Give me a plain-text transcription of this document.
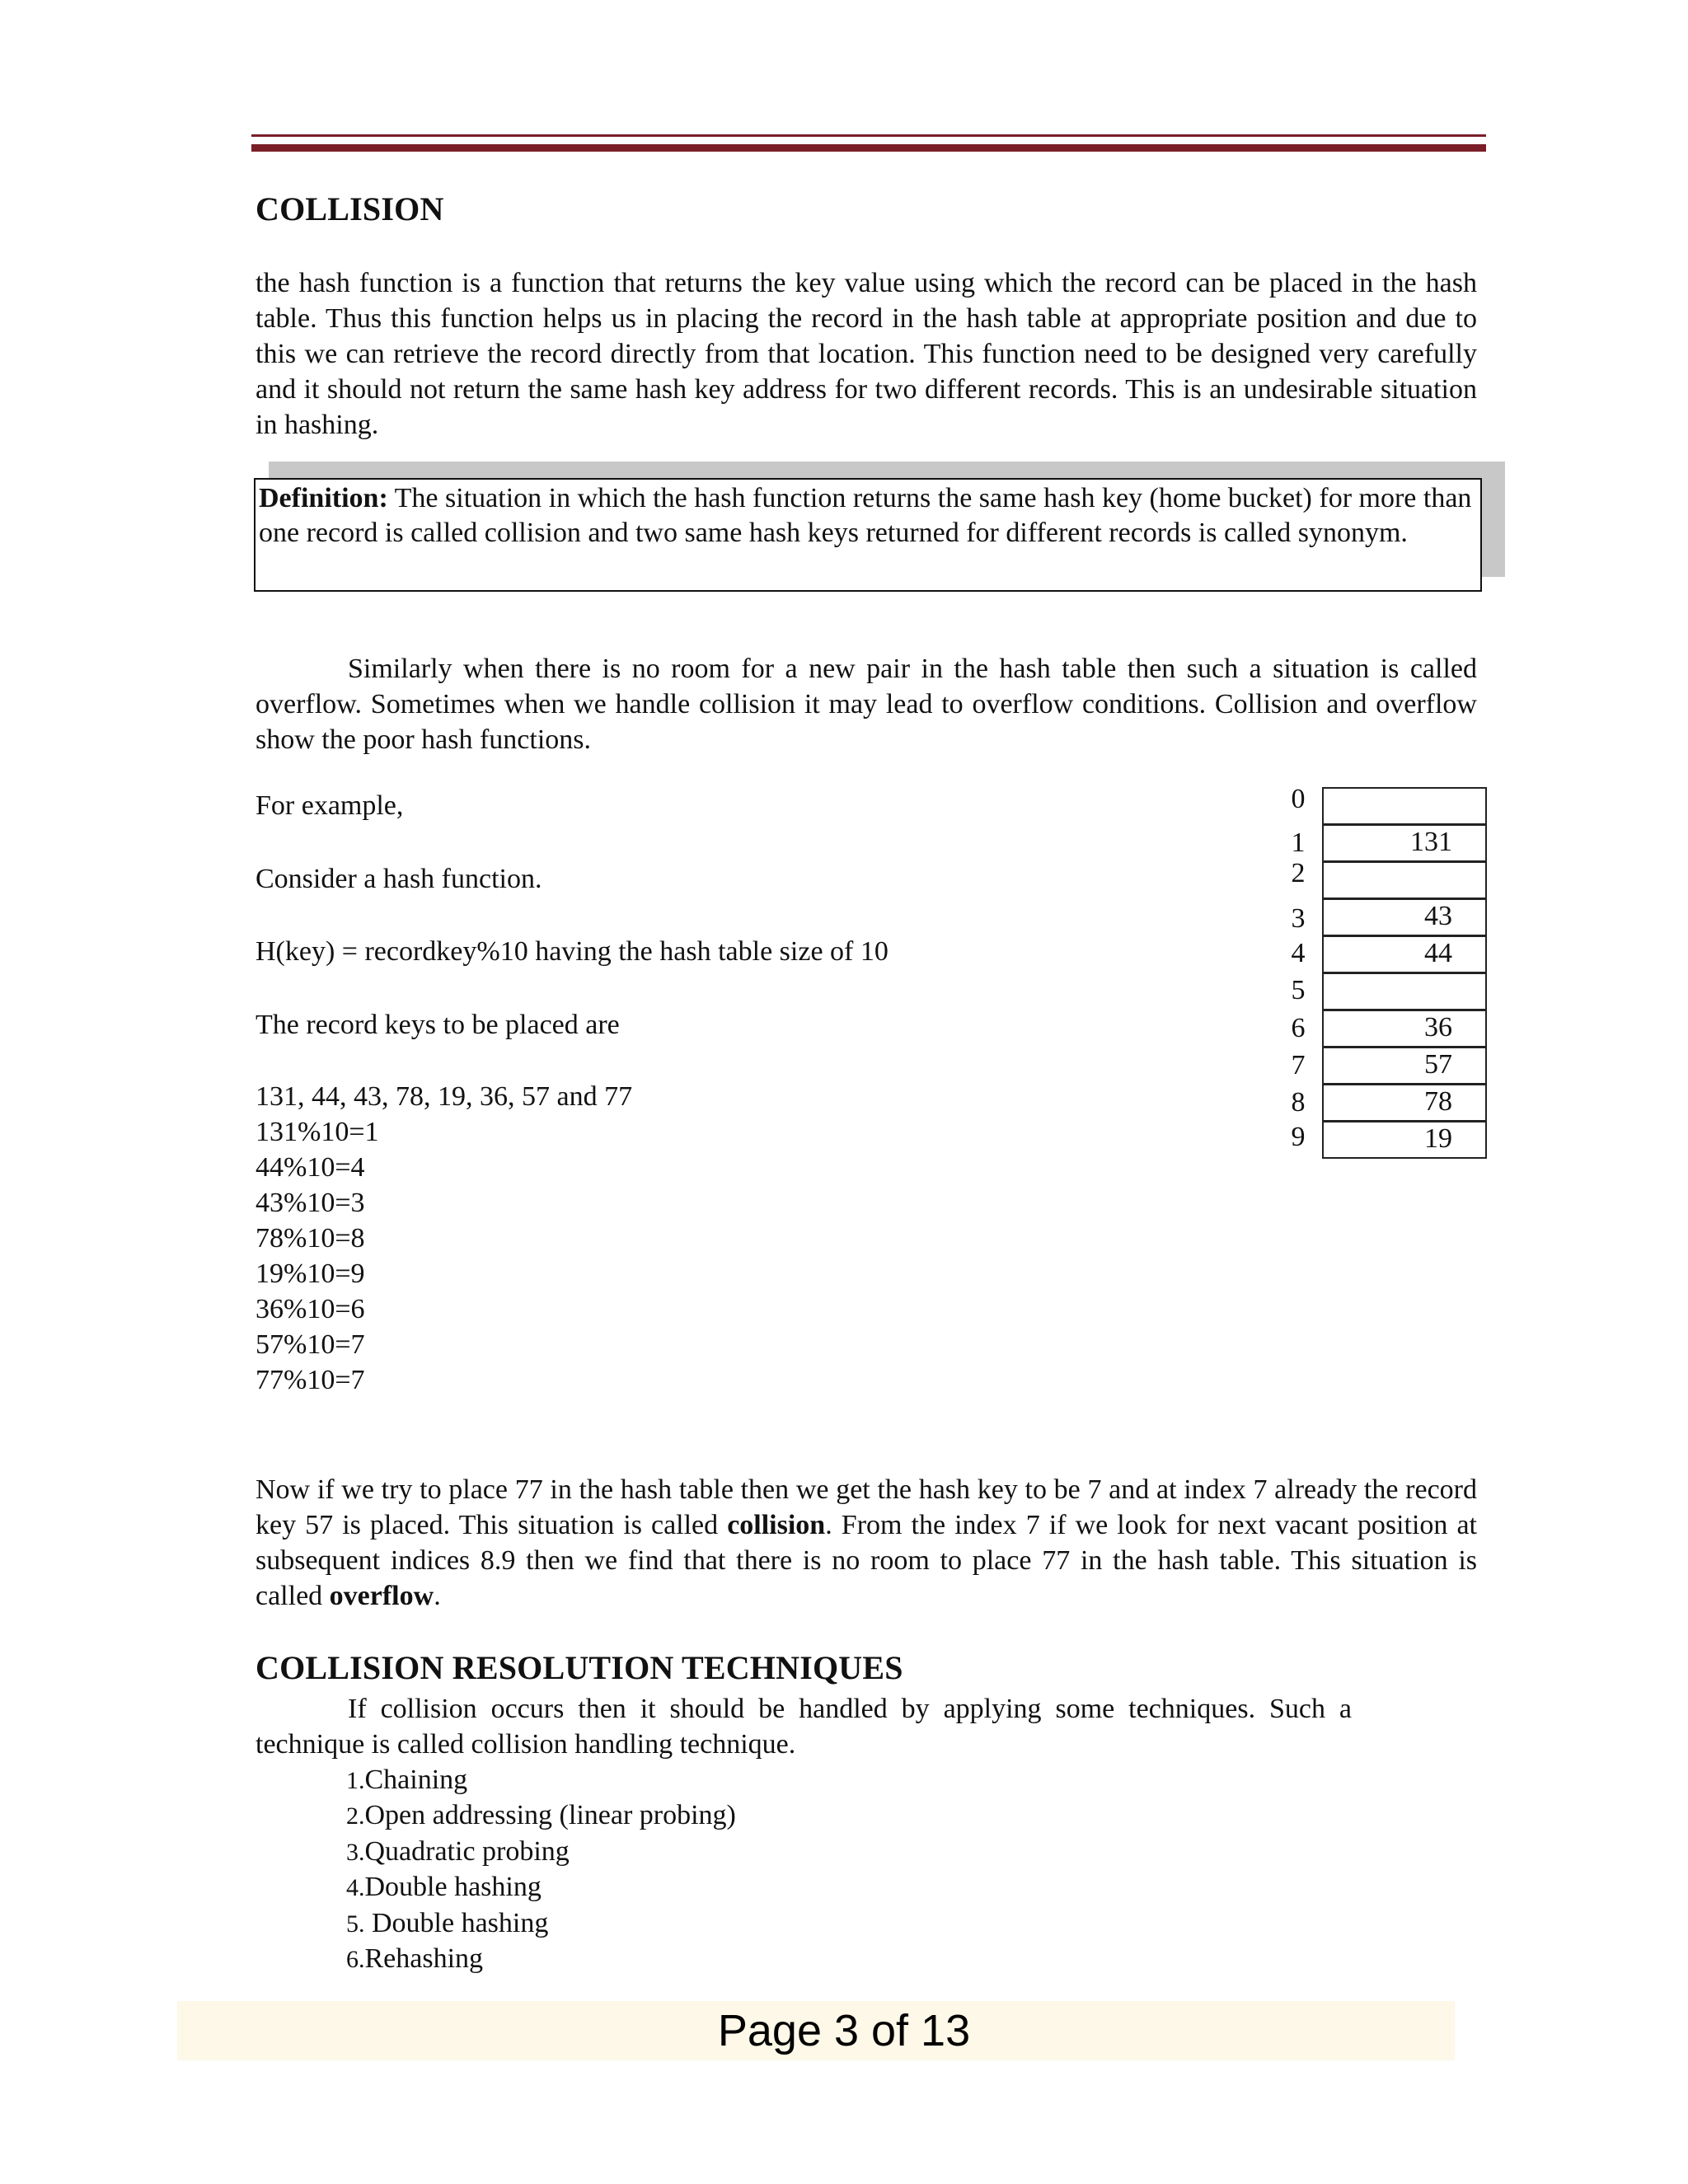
COLLISION
the hash function is a function that returns the key value using which the record can be placed in the hash table. Thus this function helps us in placing the record in the hash table at appropriate position and due to this we can retrieve the record directly from that location. This function need to be designed very carefully and it should not return the same hash key address for two different records. This is an undesirable situation in hashing.
Definition: The situation in which the hash function returns the same hash key (home bucket) for more than one record is called collision and two same hash keys returned for different records is called synonym.
Similarly when there is no room for a new pair in the hash table then such a situation is called overflow. Sometimes when we handle collision it may lead to overflow conditions. Collision and overflow show the poor hash functions.
For example,
Consider a hash function.
H(key) = recordkey%10 having the hash table size of 10
The record keys to be placed are
131, 44, 43, 78, 19, 36, 57 and 77
131%10=1
44%10=4
43%10=3
78%10=8
19%10=9
36%10=6
57%10=7
77%10=7
0
1	131
2
3	43
4	44
5
6	36
7	57
8	78
9	19
Now if we try to place 77 in the hash table then we get the hash key to be 7 and at index 7 already the record key 57 is placed. This situation is called collision. From the index 7 if we look for next vacant position at subsequent indices 8.9 then we find that there is no room to place 77 in the hash table. This situation is called overflow.
COLLISION RESOLUTION TECHNIQUES
If collision occurs then it should be handled by applying some techniques. Such a technique is called collision handling technique.
1.Chaining
2.Open addressing (linear probing)
3.Quadratic probing
4.Double hashing
5. Double hashing
6.Rehashing
Page 3 of 13
